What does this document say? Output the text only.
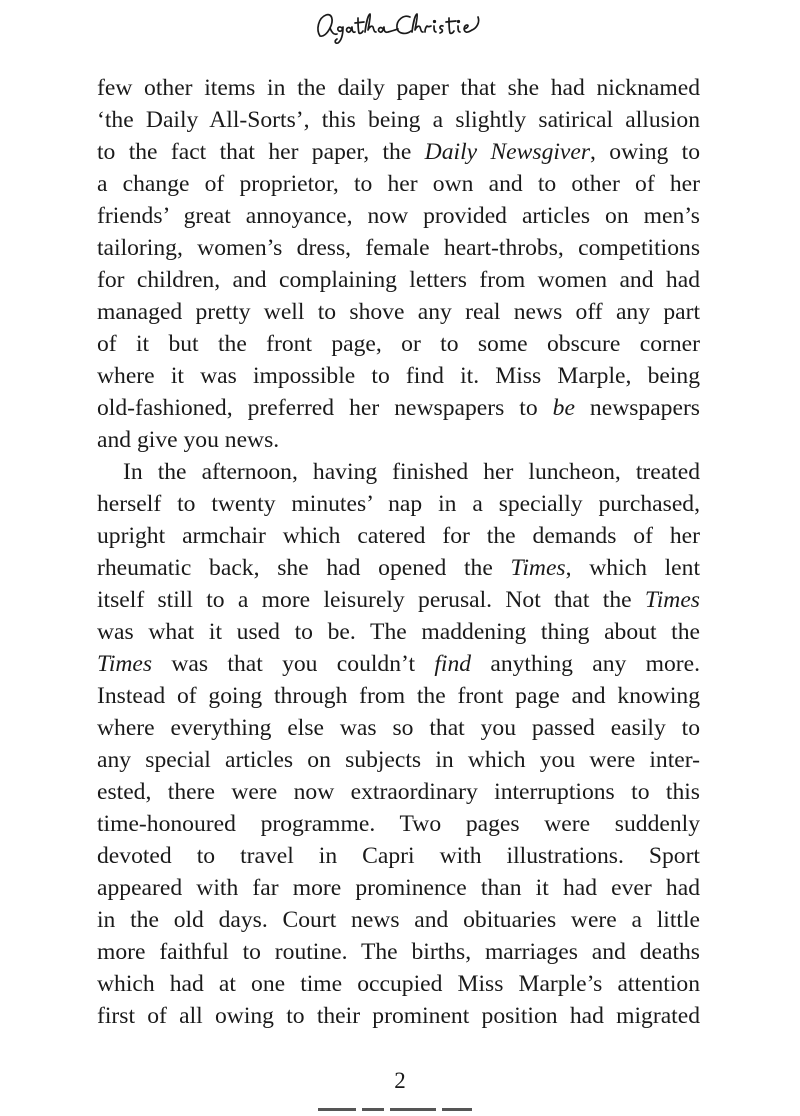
few other items in the daily paper that she had nicknamed
‘the Daily All-Sorts’, this being a slightly satirical allusion
to the fact that her paper, the Daily Newsgiver, owing to
a change of proprietor, to her own and to other of her
friends’ great annoyance, now provided articles on men’s
tailoring, women’s dress, female heart-throbs, competitions
for children, and complaining letters from women and had
managed pretty well to shove any real news off any part
of it but the front page, or to some obscure corner
where it was impossible to find it. Miss Marple, being
old-fashioned, preferred her newspapers to be newspapers
and give you news.
In the afternoon, having finished her luncheon, treated
herself to twenty minutes’ nap in a specially purchased,
upright armchair which catered for the demands of her
rheumatic back, she had opened the Times, which lent
itself still to a more leisurely perusal. Not that the Times
was what it used to be. The maddening thing about the
Times was that you couldn’t find anything any more.
Instead of going through from the front page and knowing
where everything else was so that you passed easily to
any special articles on subjects in which you were inter-
ested, there were now extraordinary interruptions to this
time-honoured programme. Two pages were suddenly
devoted to travel in Capri with illustrations. Sport
appeared with far more prominence than it had ever had
in the old days. Court news and obituaries were a little
more faithful to routine. The births, marriages and deaths
which had at one time occupied Miss Marple’s attention
first of all owing to their prominent position had migrated
2
